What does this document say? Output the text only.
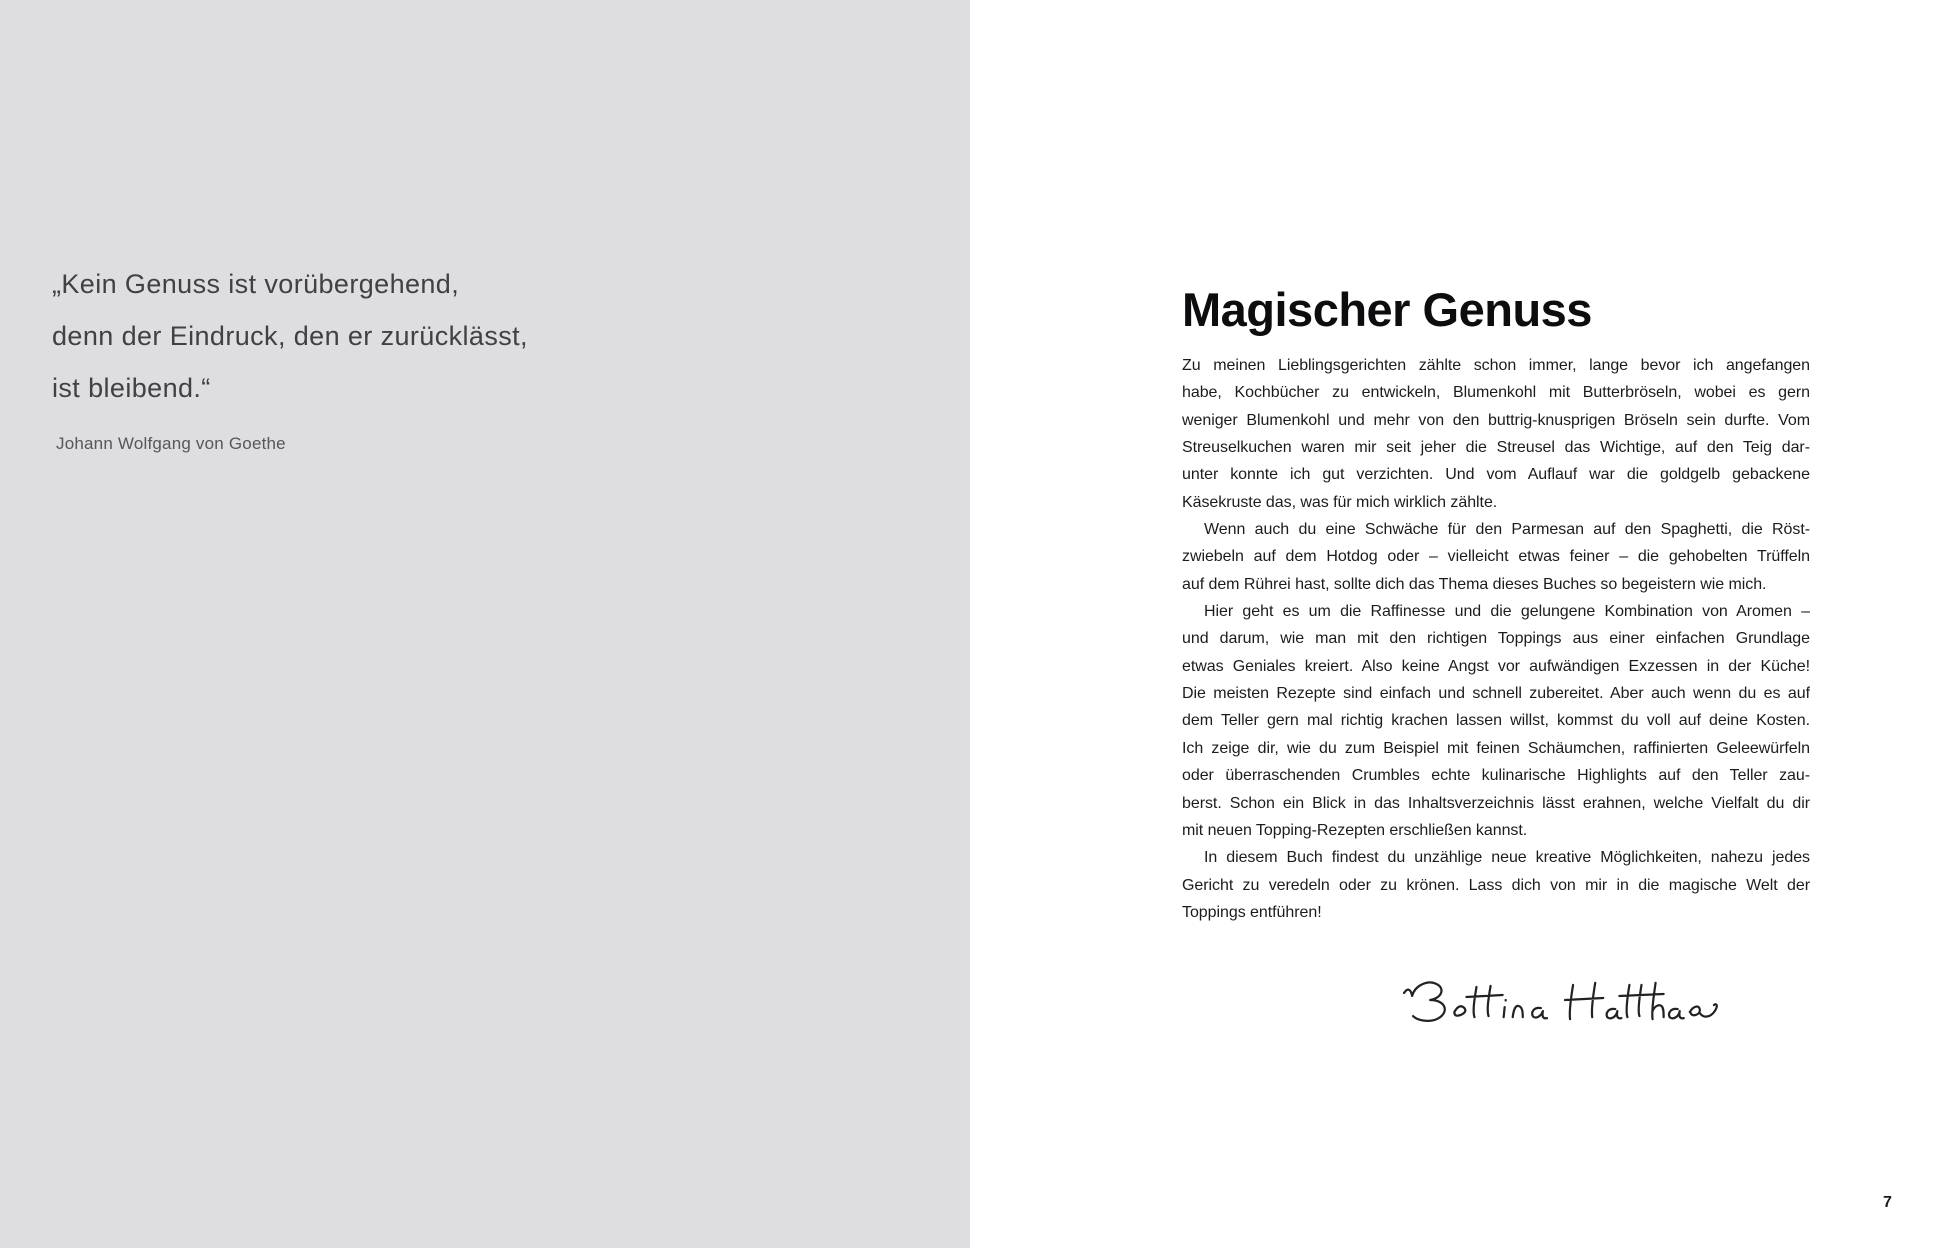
„Kein Genuss ist vorübergehend,
denn der Eindruck, den er zurücklässt,
ist bleibend.“
Johann Wolfgang von Goethe
Magischer Genuss
Zu meinen Lieblingsgerichten zählte schon immer, lange bevor ich angefangen
habe, Kochbücher zu entwickeln, Blumenkohl mit Butterbröseln, wobei es gern
weniger Blumenkohl und mehr von den buttrig-knusprigen Bröseln sein durfte. Vom
Streuselkuchen waren mir seit jeher die Streusel das Wichtige, auf den Teig dar-
unter konnte ich gut verzichten. Und vom Auflauf war die goldgelb gebackene
Käsekruste das, was für mich wirklich zählte.
Wenn auch du eine Schwäche für den Parmesan auf den Spaghetti, die Röst-
zwiebeln auf dem Hotdog oder – vielleicht etwas feiner – die gehobelten Trüffeln
auf dem Rührei hast, sollte dich das Thema dieses Buches so begeistern wie mich.
Hier geht es um die Raffinesse und die gelungene Kombination von Aromen –
und darum, wie man mit den richtigen Toppings aus einer einfachen Grundlage
etwas Geniales kreiert. Also keine Angst vor aufwändigen Exzessen in der Küche!
Die meisten Rezepte sind einfach und schnell zubereitet. Aber auch wenn du es auf
dem Teller gern mal richtig krachen lassen willst, kommst du voll auf deine Kosten.
Ich zeige dir, wie du zum Beispiel mit feinen Schäumchen, raffinierten Geleewürfeln
oder überraschenden Crumbles echte kulinarische Highlights auf den Teller zau-
berst. Schon ein Blick in das Inhaltsverzeichnis lässt erahnen, welche Vielfalt du dir
mit neuen Topping-Rezepten erschließen kannst.
In diesem Buch findest du unzählige neue kreative Möglichkeiten, nahezu jedes
Gericht zu veredeln oder zu krönen. Lass dich von mir in die magische Welt der
Toppings entführen!
7
